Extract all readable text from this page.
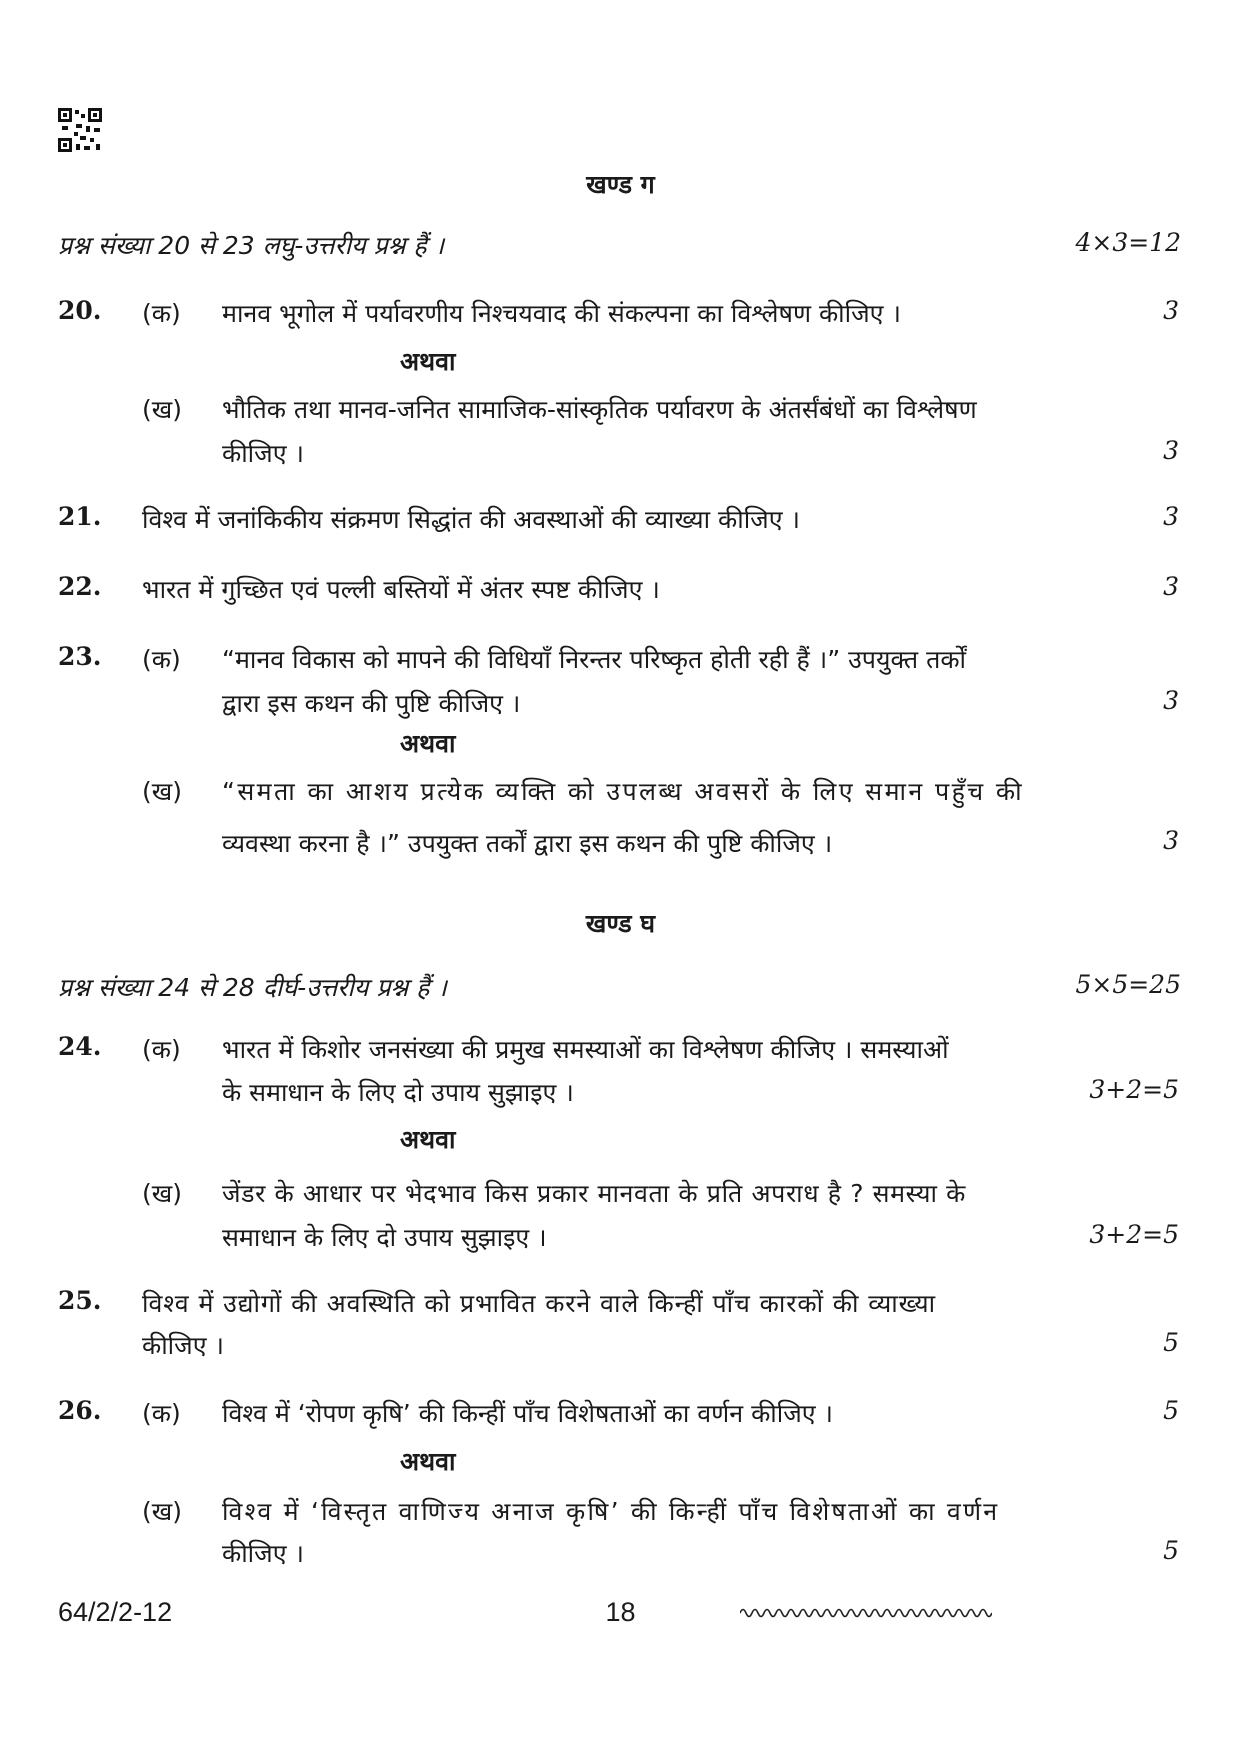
खण्ड ग
प्रश्न संख्या 20 से 23 लघु-उत्तरीय प्रश्न हैं ।	4×3=12
20. (क) मानव भूगोल में पर्यावरणीय निश्चयवाद की संकल्पना का विश्लेषण कीजिए ।	3
अथवा
(ख) भौतिक तथा मानव-जनित सामाजिक-सांस्कृतिक पर्यावरण के अंतर्संबंधों का विश्लेषण
कीजिए ।	3
21. विश्व में जनांकिकीय संक्रमण सिद्धांत की अवस्थाओं की व्याख्या कीजिए ।	3
22. भारत में गुच्छित एवं पल्ली बस्तियों में अंतर स्पष्ट कीजिए ।	3
23. (क) “मानव विकास को मापने की विधियाँ निरन्तर परिष्कृत होती रही हैं ।” उपयुक्त तर्कों
द्वारा इस कथन की पुष्टि कीजिए ।	3
अथवा
(ख) “समता का आशय प्रत्येक व्यक्ति को उपलब्ध अवसरों के लिए समान पहुँच की
व्यवस्था करना है ।” उपयुक्त तर्कों द्वारा इस कथन की पुष्टि कीजिए ।	3
खण्ड घ
प्रश्न संख्या 24 से 28 दीर्घ-उत्तरीय प्रश्न हैं ।	5×5=25
24. (क) भारत में किशोर जनसंख्या की प्रमुख समस्याओं का विश्लेषण कीजिए । समस्याओं
के समाधान के लिए दो उपाय सुझाइए ।	3+2=5
अथवा
(ख) जेंडर के आधार पर भेदभाव किस प्रकार मानवता के प्रति अपराध है ? समस्या के
समाधान के लिए दो उपाय सुझाइए ।	3+2=5
25. विश्व में उद्योगों की अवस्थिति को प्रभावित करने वाले किन्हीं पाँच कारकों की व्याख्या
कीजिए ।	5
26. (क) विश्व में ‘रोपण कृषि’ की किन्हीं पाँच विशेषताओं का वर्णन कीजिए ।	5
अथवा
(ख) विश्व में ‘विस्तृत वाणिज्य अनाज कृषि’ की किन्हीं पाँच विशेषताओं का वर्णन
कीजिए ।	5
64/2/2-12	18
